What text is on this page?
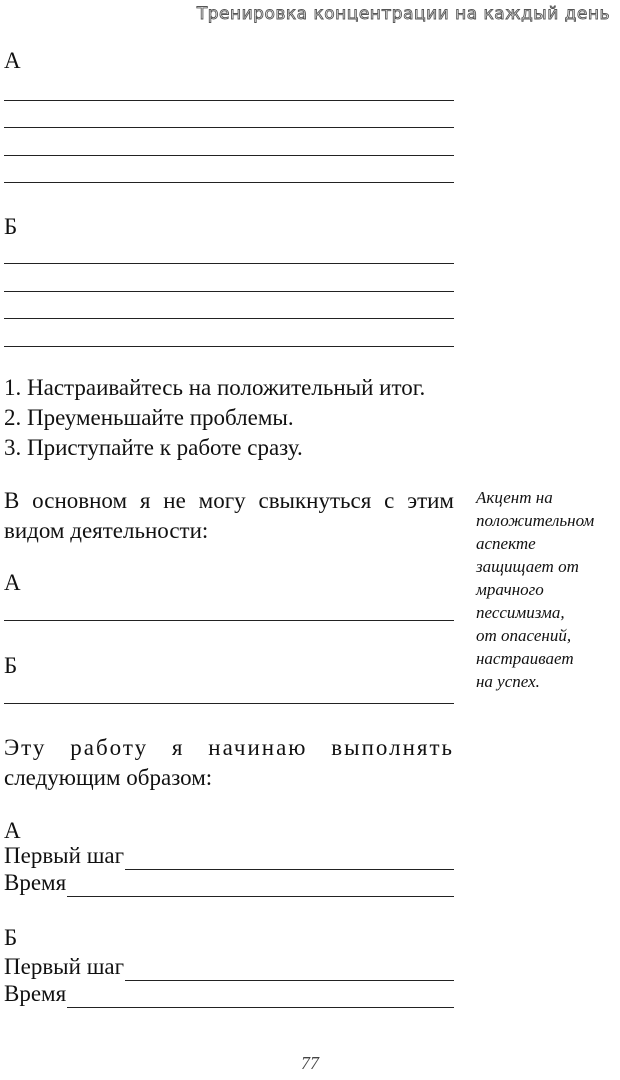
Тренировка концентрации на каждый день
А
Б
1. Настраивайтесь на положительный итог.
2. Преуменьшайте проблемы.
3. Приступайте к работе сразу.
В основном я не могу свыкнуться с этим
видом деятельности:
А
Б
Эту работу я начинаю выполнять
следующим образом:
А
Первый шаг
Время
Б
Первый шаг
Время
Акцент на
положительном
аспекте
защищает от
мрачного
пессимизма,
от опасений,
настраивает
на успех.
77
